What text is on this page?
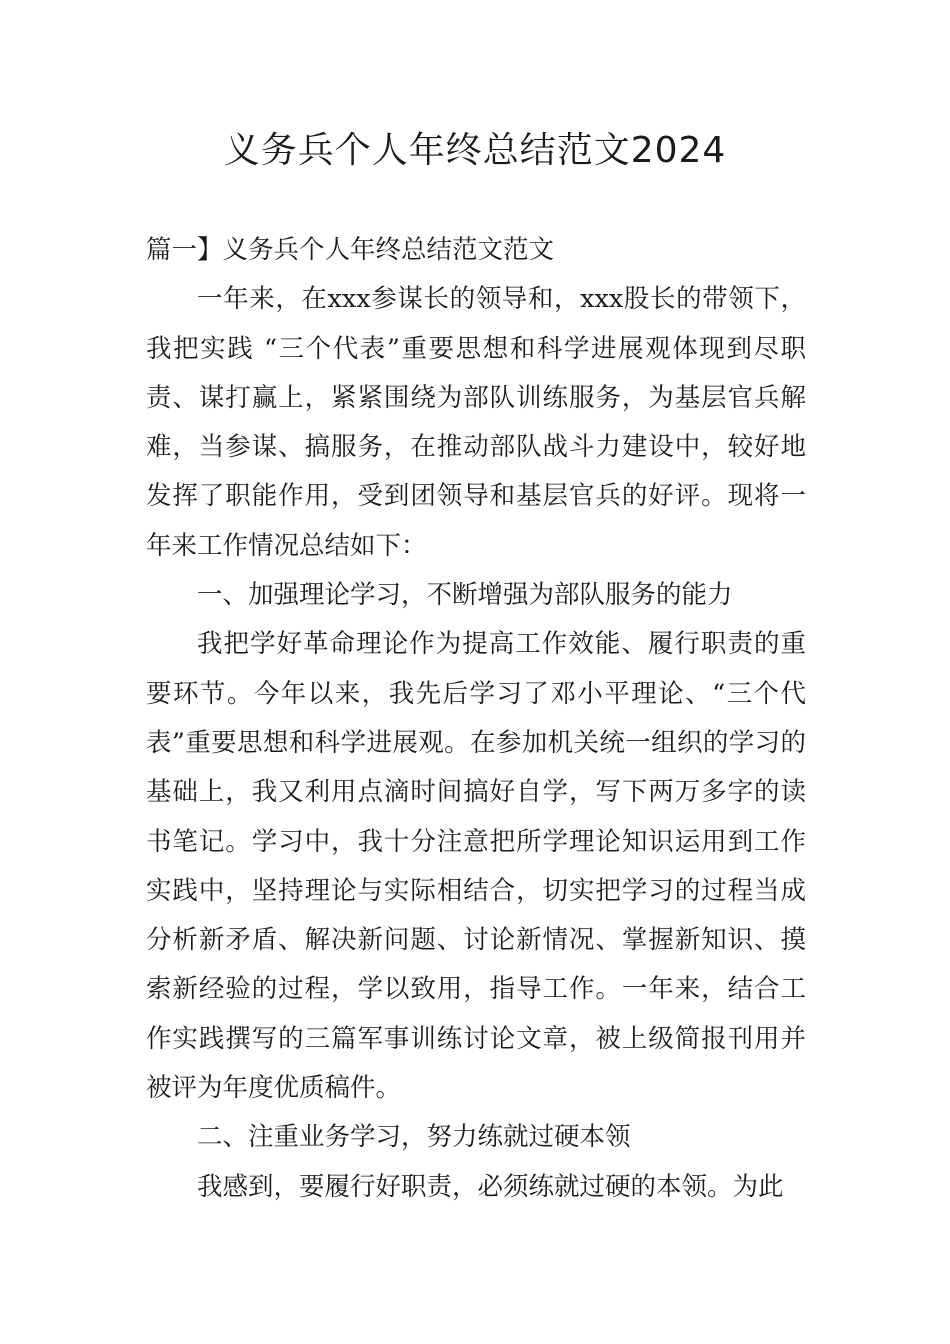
义务兵个人年终总结范文2024

篇一】义务兵个人年终总结范文范文

一年来，在xxx参谋长的领导和，xxx股长的带领下，我把实践 “三个代表”重要思想和科学进展观体现到尽职责、谋打赢上，紧紧围绕为部队训练服务，为基层官兵解难，当参谋、搞服务，在推动部队战斗力建设中，较好地发挥了职能作用，受到团领导和基层官兵的好评。现将一年来工作情况总结如下：

一、加强理论学习，不断增强为部队服务的能力

我把学好革命理论作为提高工作效能、履行职责的重要环节。今年以来，我先后学习了邓小平理论、“三个代表”重要思想和科学进展观。在参加机关统一组织的学习的基础上，我又利用点滴时间搞好自学，写下两万多字的读书笔记。学习中，我十分注意把所学理论知识运用到工作实践中，坚持理论与实际相结合，切实把学习的过程当成分析新矛盾、解决新问题、讨论新情况、掌握新知识、摸索新经验的过程，学以致用，指导工作。一年来，结合工作实践撰写的三篇军事训练讨论文章，被上级简报刊用并被评为年度优质稿件。

二、注重业务学习，努力练就过硬本领

我感到，要履行好职责，必须练就过硬的本领。为此
